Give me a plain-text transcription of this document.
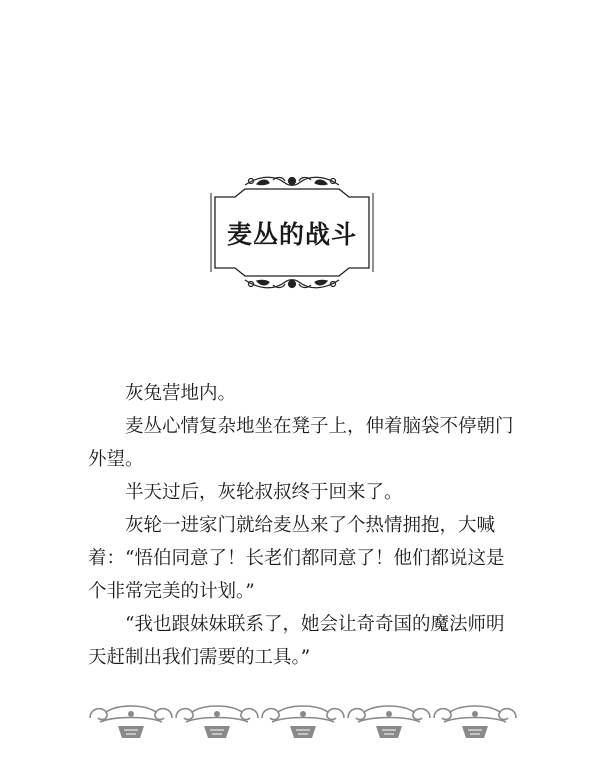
麦丛的战斗

灰兔营地内。

麦丛心情复杂地坐在凳子上，伸着脑袋不停朝门外望。

半天过后，灰轮叔叔终于回来了。

灰轮一进家门就给麦丛来了个热情拥抱，大喊着：“悟伯同意了！长老们都同意了！他们都说这是个非常完美的计划。”

“我也跟妹妹联系了，她会让奇奇国的魔法师明天赶制出我们需要的工具。”
